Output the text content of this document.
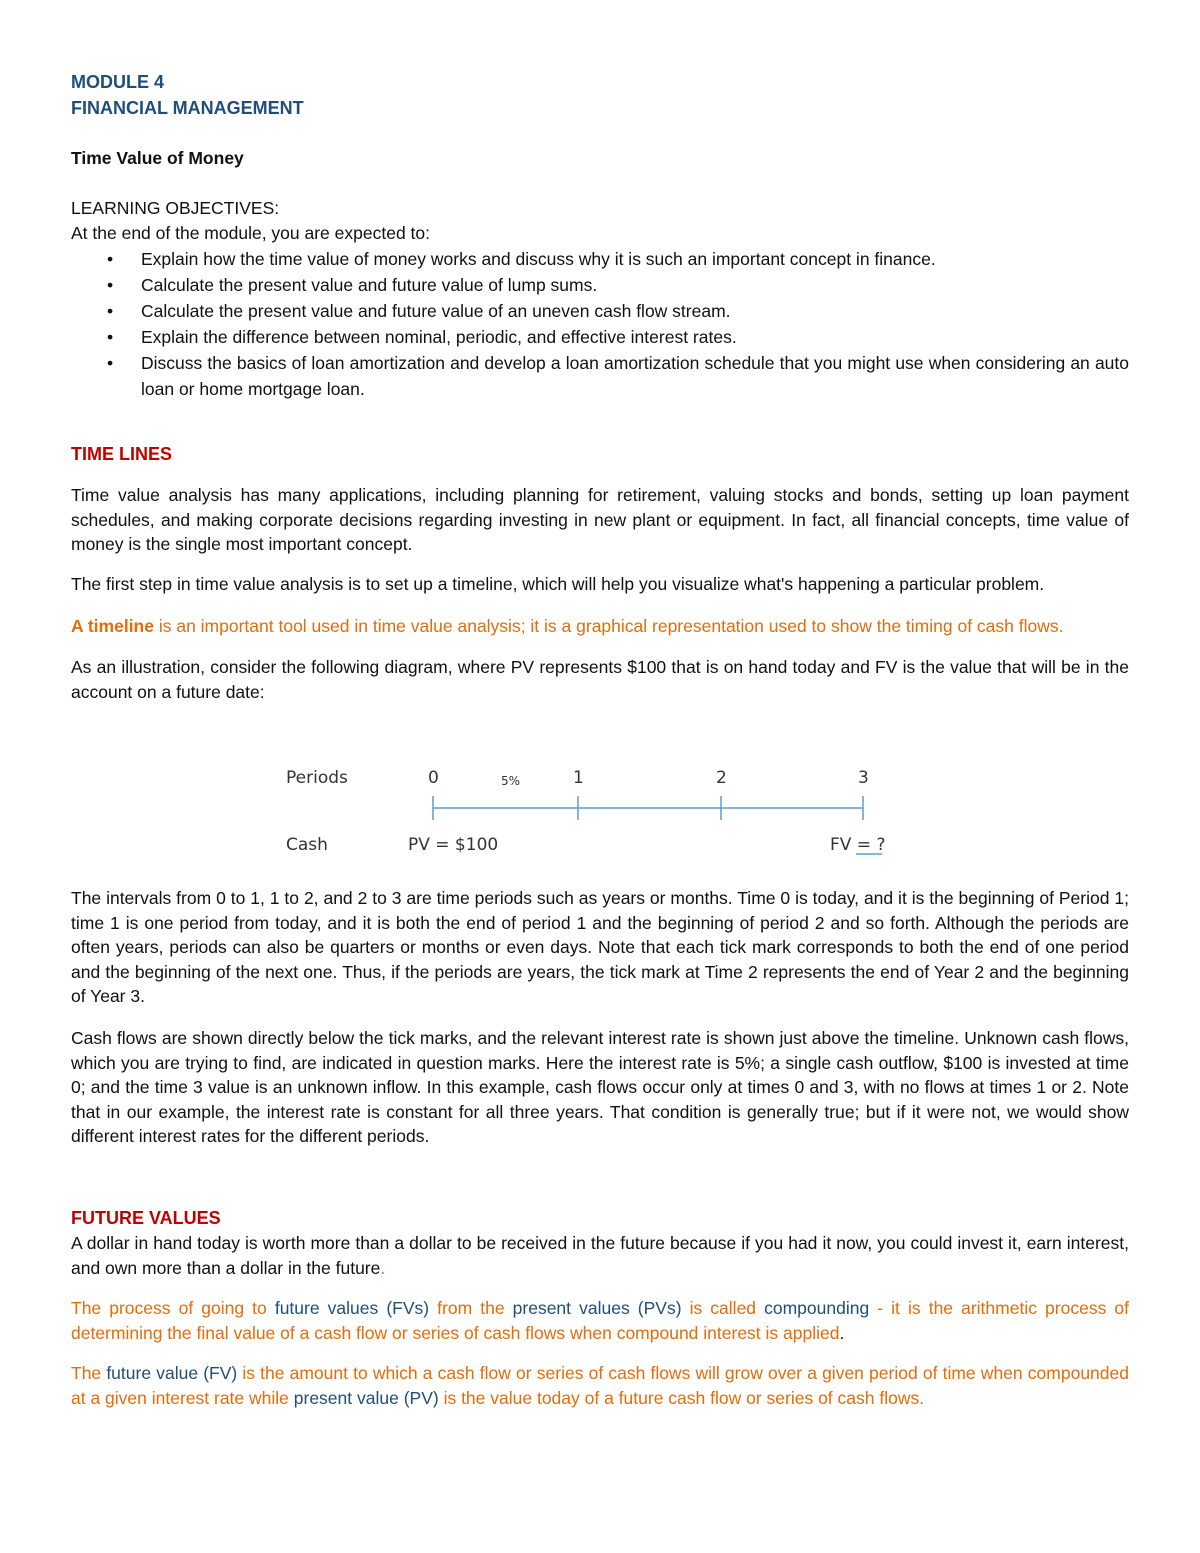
MODULE 4
FINANCIAL MANAGEMENT
Time Value of Money
LEARNING OBJECTIVES:
At the end of the module, you are expected to:
• Explain how the time value of money works and discuss why it is such an important concept in finance.
• Calculate the present value and future value of lump sums.
• Calculate the present value and future value of an uneven cash flow stream.
• Explain the difference between nominal, periodic, and effective interest rates.
• Discuss the basics of loan amortization and develop a loan amortization schedule that you might use when considering an auto loan or home mortgage loan.
TIME LINES
Time value analysis has many applications, including planning for retirement, valuing stocks and bonds, setting up loan payment schedules, and making corporate decisions regarding investing in new plant or equipment. In fact, all financial concepts, time value of money is the single most important concept.
The first step in time value analysis is to set up a timeline, which will help you visualize what's happening a particular problem.
A timeline is an important tool used in time value analysis; it is a graphical representation used to show the timing of cash flows.
As an illustration, consider the following diagram, where PV represents $100 that is on hand today and FV is the value that will be in the account on a future date:
Periods	0	5%	1	2	3
Cash	PV = $100	FV = ?
The intervals from 0 to 1, 1 to 2, and 2 to 3 are time periods such as years or months. Time 0 is today, and it is the beginning of Period 1; time 1 is one period from today, and it is both the end of period 1 and the beginning of period 2 and so forth. Although the periods are often years, periods can also be quarters or months or even days. Note that each tick mark corresponds to both the end of one period and the beginning of the next one. Thus, if the periods are years, the tick mark at Time 2 represents the end of Year 2 and the beginning of Year 3.
Cash flows are shown directly below the tick marks, and the relevant interest rate is shown just above the timeline. Unknown cash flows, which you are trying to find, are indicated in question marks. Here the interest rate is 5%; a single cash outflow, $100 is invested at time 0; and the time 3 value is an unknown inflow. In this example, cash flows occur only at times 0 and 3, with no flows at times 1 or 2. Note that in our example, the interest rate is constant for all three years. That condition is generally true; but if it were not, we would show different interest rates for the different periods.
FUTURE VALUES
A dollar in hand today is worth more than a dollar to be received in the future because if you had it now, you could invest it, earn interest, and own more than a dollar in the future.
The process of going to future values (FVs) from the present values (PVs) is called compounding - it is the arithmetic process of determining the final value of a cash flow or series of cash flows when compound interest is applied.
The future value (FV) is the amount to which a cash flow or series of cash flows will grow over a given period of time when compounded at a given interest rate while present value (PV) is the value today of a future cash flow or series of cash flows.
